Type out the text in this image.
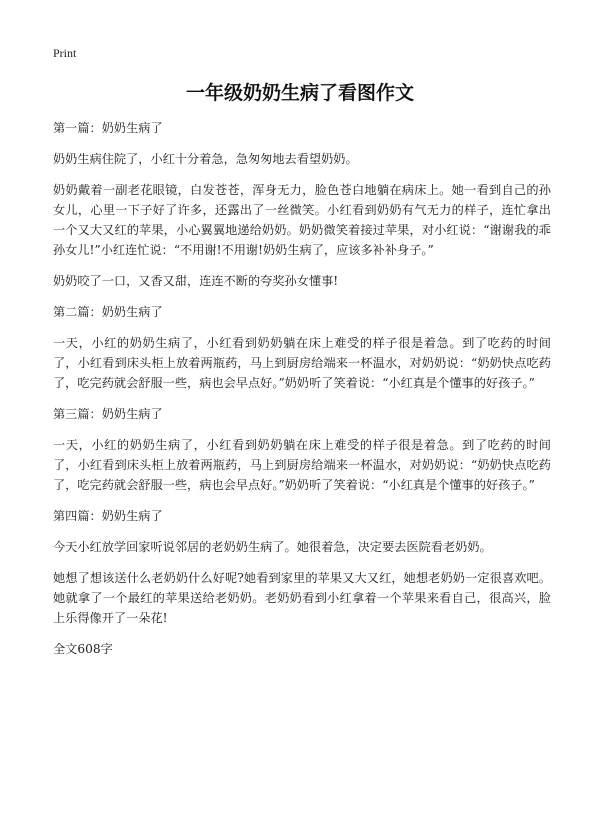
Print
一年级奶奶生病了看图作文

第一篇：奶奶生病了

奶奶生病住院了，小红十分着急，急匆匆地去看望奶奶。

奶奶戴着一副老花眼镜，白发苍苍，浑身无力，脸色苍白地躺在病床上。她一看到自己的孙女儿，心里一下子好了许多，还露出了一丝微笑。小红看到奶奶有气无力的样子，连忙拿出一个又大又红的苹果，小心翼翼地递给奶奶。奶奶微笑着接过苹果，对小红说：“谢谢我的乖孙女儿!”小红连忙说：“不用谢!不用谢!奶奶生病了，应该多补补身子。”

奶奶咬了一口，又香又甜，连连不断的夸奖孙女懂事!

第二篇：奶奶生病了

一天，小红的奶奶生病了，小红看到奶奶躺在床上难受的样子很是着急。到了吃药的时间了，小红看到床头柜上放着两瓶药，马上到厨房给端来一杯温水，对奶奶说：“奶奶快点吃药了，吃完药就会舒服一些，病也会早点好。”奶奶听了笑着说：“小红真是个懂事的好孩子。”

第三篇：奶奶生病了

一天，小红的奶奶生病了，小红看到奶奶躺在床上难受的样子很是着急。到了吃药的时间了，小红看到床头柜上放着两瓶药，马上到厨房给端来一杯温水，对奶奶说：“奶奶快点吃药了，吃完药就会舒服一些，病也会早点好。”奶奶听了笑着说：“小红真是个懂事的好孩子。”

第四篇：奶奶生病了

今天小红放学回家听说邻居的老奶奶生病了。她很着急，决定要去医院看老奶奶。

她想了想该送什么老奶奶什么好呢?她看到家里的苹果又大又红，她想老奶奶一定很喜欢吧。她就拿了一个最红的苹果送给老奶奶。老奶奶看到小红拿着一个苹果来看自己，很高兴，脸上乐得像开了一朵花!

全文608字
